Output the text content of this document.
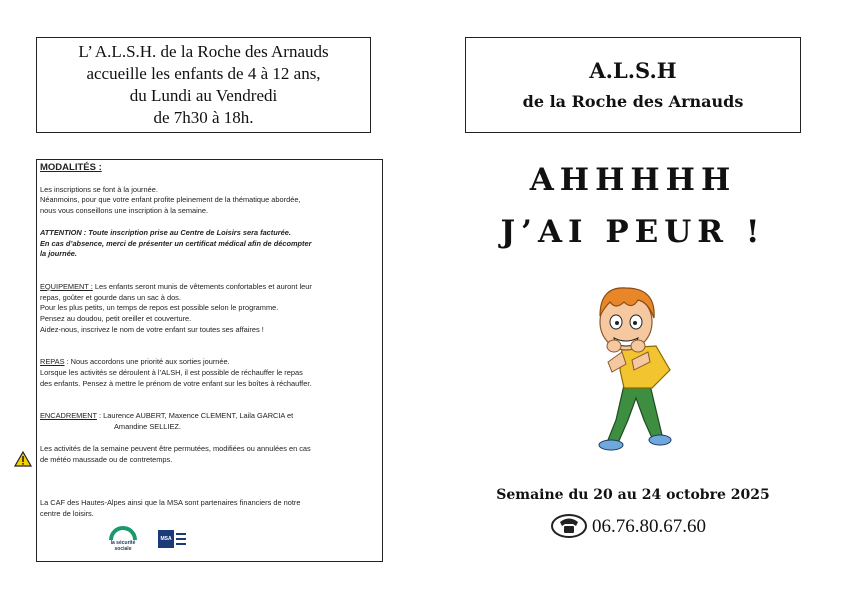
L’ A.L.S.H. de la Roche des Arnauds
accueille les enfants de 4 à 12 ans,
du Lundi au Vendredi
de 7h30 à 18h.

MODALITÉS :

Les inscriptions se font à la journée.

Néanmoins, pour que votre enfant profite pleinement de la thématique abordée,

nous vous conseillons une inscription à la semaine.

ATTENTION : Toute inscription prise au Centre de Loisirs sera facturée.

En cas d’absence, merci de présenter un certificat médical afin de décompter

la journée.

EQUIPEMENT : Les enfants seront munis de vêtements confortables et auront leur

repas, goûter et gourde dans un sac à dos.

Pour les plus petits, un temps de repos est possible selon le programme.

Pensez au doudou, petit oreiller et couverture.

Aidez-nous, inscrivez le nom de votre enfant sur toutes ses affaires !

REPAS : Nous accordons une priorité aux sorties journée.

Lorsque les activités se déroulent à l’ALSH, il est possible de réchauffer le repas

des enfants. Pensez à mettre le prénom de votre enfant sur les boîtes à réchauffer.

ENCADREMENT : Laurence AUBERT, Maxence CLEMENT, Laila GARCIA et

Amandine SELLIEZ.

Les activités de la semaine peuvent être permutées, modifiées ou annulées en cas

de météo maussade ou de contretemps.

La CAF des Hautes-Alpes ainsi que la MSA sont partenaires financiers de notre

centre de loisirs.

la sécurité
sociale
MSA
A.L.S.H
de la Roche des Arnauds
AHHHHH
J’AI PEUR !
Semaine du 20 au 24 octobre 2025
06.76.80.67.60
